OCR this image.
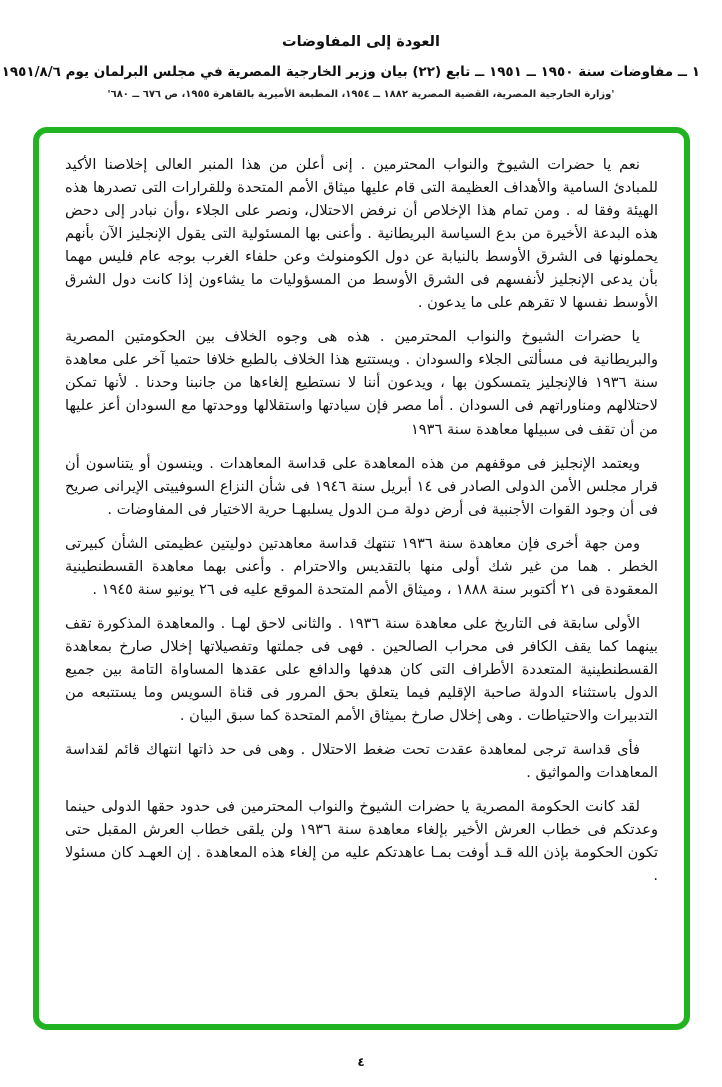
العودة إلى المفاوضات
١ ــ مفاوضات سنة ١٩٥٠ ــ ١٩٥١ ــ تابع (٢٢) بيان وزير الخارجية المصرية في مجلس البرلمان يوم ١٩٥١/٨/٦
'وزارة الخارجية المصرية، القضية المصرية ١٨٨٢ ــ ١٩٥٤، المطبعة الأميرية بالقاهرة ١٩٥٥، ص ٦٧٦ ــ ٦٨٠'

نعم يا حضرات الشيوخ والنواب المحترمين . إنى أعلن من هذا المنبر العالى إخلاصنا الأكيد للمبادئ السامية والأهداف العظيمة التى قام عليها ميثاق الأمم المتحدة وللقرارات التى تصدرها هذه الهيئة وفقا له . ومن تمام هذا الإخلاص أن نرفض الاحتلال، ونصر على الجلاء ،وأن نبادر إلى دحض هذه البدعة الأخيرة من بدع السياسة البريطانية . وأعنى بها المسئولية التى يقول الإنجليز الآن بأنهم يحملونها فى الشرق الأوسط بالنيابة عن دول الكومنولث وعن حلفاء الغرب بوجه عام فليس مهما بأن يدعى الإنجليز لأنفسهم فى الشرق الأوسط من المسؤوليات ما يشاءون إذا كانت دول الشرق الأوسط نفسها لا تقرهم على ما يدعون .

يا حضرات الشيوخ والنواب المحترمين . هذه هى وجوه الخلاف بين الحكومتين المصرية والبريطانية فى مسألتى الجلاء والسودان . ويستتبع هذا الخلاف بالطبع خلافا حتميا آخر على معاهدة سنة ١٩٣٦ فالإنجليز يتمسكون بها ، ويدعون أننا لا نستطيع إلغاءها من جانبنا وحدنا . لأنها تمكن لاحتلالهم ومناوراتهم فى السودان . أما مصر فإن سيادتها واستقلالها ووحدتها مع السودان أعز عليها من أن تقف فى سبيلها معاهدة سنة ١٩٣٦

ويعتمد الإنجليز فى موقفهم من هذه المعاهدة على قداسة المعاهدات . وينسون أو يتناسون أن قرار مجلس الأمن الدولى الصادر فى ١٤ أبريل سنة ١٩٤٦ فى شأن النزاع السوفييتى الإيرانى صريح فى أن وجود القوات الأجنبية فى أرض دولة مـن الدول يسلبهـا حرية الاختيار فى المفاوضات .

ومن جهة أخرى فإن معاهدة سنة ١٩٣٦ تنتهك قداسة معاهدتين دوليتين عظيمتى الشأن كبيرتى الخطر . هما من غير شك أولى منها بالتقديس والاحترام . وأعنى بهما معاهدة القسطنطينية المعقودة فى ٢١ أكتوبر سنة ١٨٨٨ ، وميثاق الأمم المتحدة الموقع عليه فى ٢٦ يونيو سنة ١٩٤٥ .

الأولى سابقة فى التاريخ على معاهدة سنة ١٩٣٦ . والثانى لاحق لهـا . والمعاهدة المذكورة تقف بينهما كما يقف الكافر فى محراب الصالحين . فهى فى جملتها وتفصيلاتها إخلال صارخ بمعاهدة القسطنطينية المتعددة الأطراف التى كان هدفها والدافع على عقدها المساواة التامة بين جميع الدول باستثناء الدولة صاحبة الإقليم فيما يتعلق بحق المرور فى قناة السويس وما يستتبعه من التدبيرات والاحتياطات . وهى إخلال صارخ بميثاق الأمم المتحدة كما سبق البيان .

فأى قداسة ترجى لمعاهدة عقدت تحت ضغط الاحتلال . وهى فى حد ذاتها انتهاك قائم لقداسة المعاهدات والمواثيق .

لقد كانت الحكومة المصرية يا حضرات الشيوخ والنواب المحترمين فى حدود حقها الدولى حينما وعدتكم فى خطاب العرش الأخير بإلغاء معاهدة سنة ١٩٣٦ ولن يلقى خطاب العرش المقبل حتى تكون الحكومة بإذن الله قـد أوفت بمـا عاهدتكم عليه من إلغاء هذه المعاهدة . إن العهـد كان مسئولا .

٤
